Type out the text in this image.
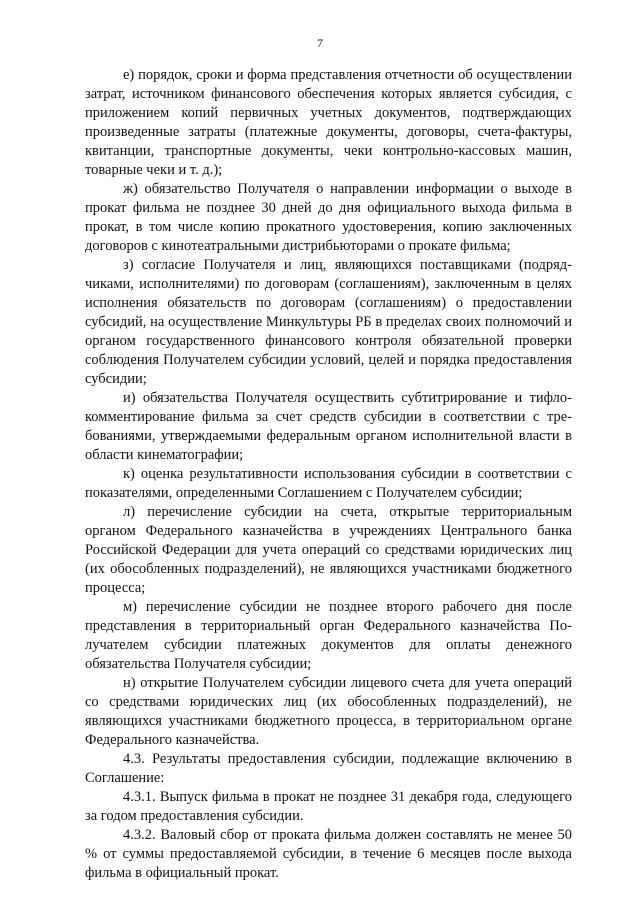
7

е) порядок, сроки и форма представления отчетности об осуществлении затрат, источником финансового обеспечения которых является субсидия, с приложением копий первичных учетных документов, подтверждающих произведенные затраты (платежные документы, договоры, счета-фактуры, квитанции, транспортные документы, чеки контрольно-кассовых машин, товарные чеки и т. д.);

ж) обязательство Получателя о направлении информации о выходе в прокат фильма не позднее 30 дней до дня официального выхода фильма в прокат, в том числе копию прокатного удостоверения, копию заключенных договоров с кинотеатральными дистрибьюторами о прокате фильма;

з) согласие Получателя и лиц, являющихся поставщиками (подрядчиками, исполнителями) по договорам (соглашениям), заключенным в целях исполнения обязательств по договорам (соглашениям) о предоставлении субсидий, на осуществление Минкультуры РБ в пределах своих полномочий и органом государственного финансового контроля обязательной проверки соблюдения Получателем субсидии условий, целей и порядка предоставления субсидии;

и) обязательства Получателя осуществить субтитрирование и тифлокомментирование фильма за счет средств субсидии в соответствии с требованиями, утверждаемыми федеральным органом исполнительной власти в области кинематографии;

к) оценка результативности использования субсидии в соответствии с показателями, определенными Соглашением с Получателем субсидии;

л) перечисление субсидии на счета, открытые территориальным органом Федерального казначейства в учреждениях Центрального банка Российской Федерации для учета операций со средствами юридических лиц (их обособленных подразделений), не являющихся участниками бюджетного процесса;

м) перечисление субсидии не позднее второго рабочего дня после представления в территориальный орган Федерального казначейства Получателем субсидии платежных документов для оплаты денежного обязательства Получателя субсидии;

н) открытие Получателем субсидии лицевого счета для учета операций со средствами юридических лиц (их обособленных подразделений), не являющихся участниками бюджетного процесса, в территориальном органе Федерального казначейства.

4.3. Результаты предоставления субсидии, подлежащие включению в Соглашение:

4.3.1. Выпуск фильма в прокат не позднее 31 декабря года, следующего за годом предоставления субсидии.

4.3.2. Валовый сбор от проката фильма должен составлять не менее 50 % от суммы предоставляемой субсидии, в течение 6 месяцев после выхода фильма в официальный прокат.
